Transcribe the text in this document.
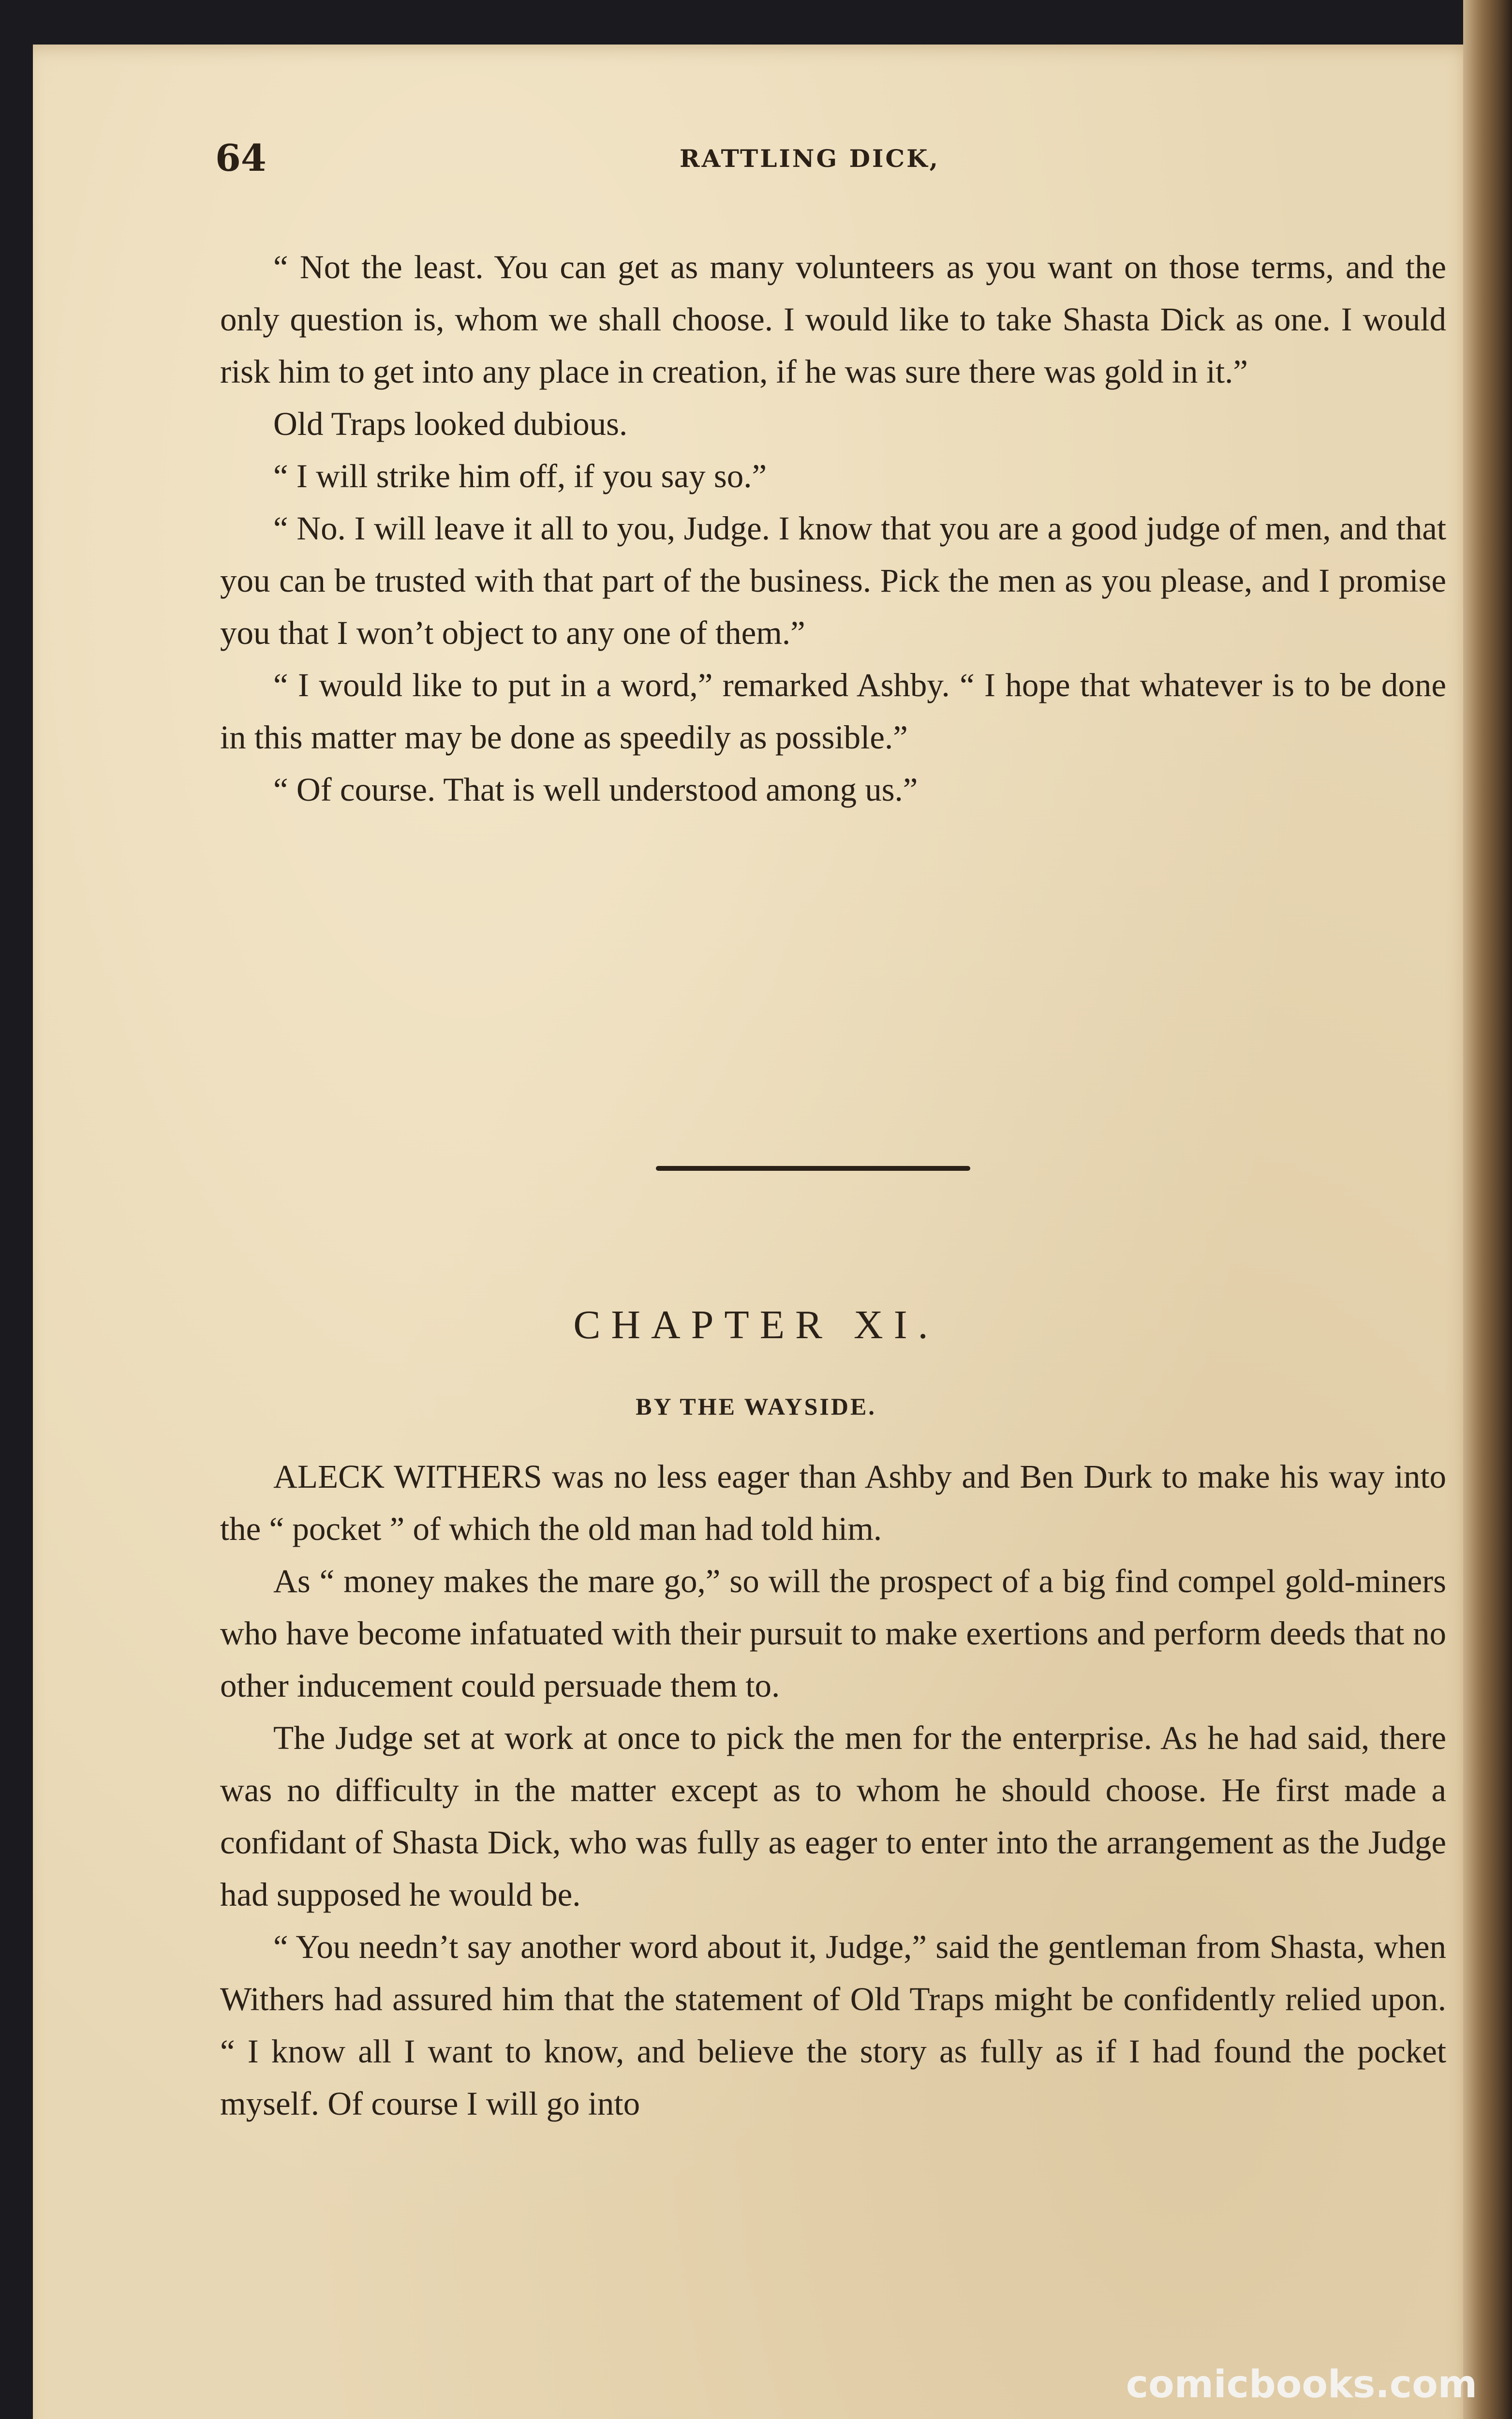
64	RATTLING DICK,

“ Not the least. You can get as many volunteers as you want on those terms, and the only question is, whom we shall choose. I would like to take Shasta Dick as one. I would risk him to get into any place in creation, if he was sure there was gold in it.”

Old Traps looked dubious.

“ I will strike him off, if you say so.”

“ No. I will leave it all to you, Judge. I know that you are a good judge of men, and that you can be trusted with that part of the business. Pick the men as you please, and I promise you that I won’t object to any one of them.”

“ I would like to put in a word,” remarked Ashby. “ I hope that whatever is to be done in this matter may be done as speedily as possible.”

“ Of course. That is well understood among us.”

CHAPTER XI.
BY THE WAYSIDE.

ALECK WITHERS was no less eager than Ashby and Ben Durk to make his way into the “ pocket ” of which the old man had told him.

As “ money makes the mare go,” so will the prospect of a big find compel gold-miners who have become infatuated with their pursuit to make exertions and perform deeds that no other inducement could persuade them to.

The Judge set at work at once to pick the men for the enterprise. As he had said, there was no difficulty in the matter except as to whom he should choose. He first made a confidant of Shasta Dick, who was fully as eager to enter into the arrangement as the Judge had supposed he would be.

“ You needn’t say another word about it, Judge,” said the gentleman from Shasta, when Withers had assured him that the statement of Old Traps might be confidently relied upon. “ I know all I want to know, and believe the story as fully as if I had found the pocket myself. Of course I will go into

comicbooks.com
